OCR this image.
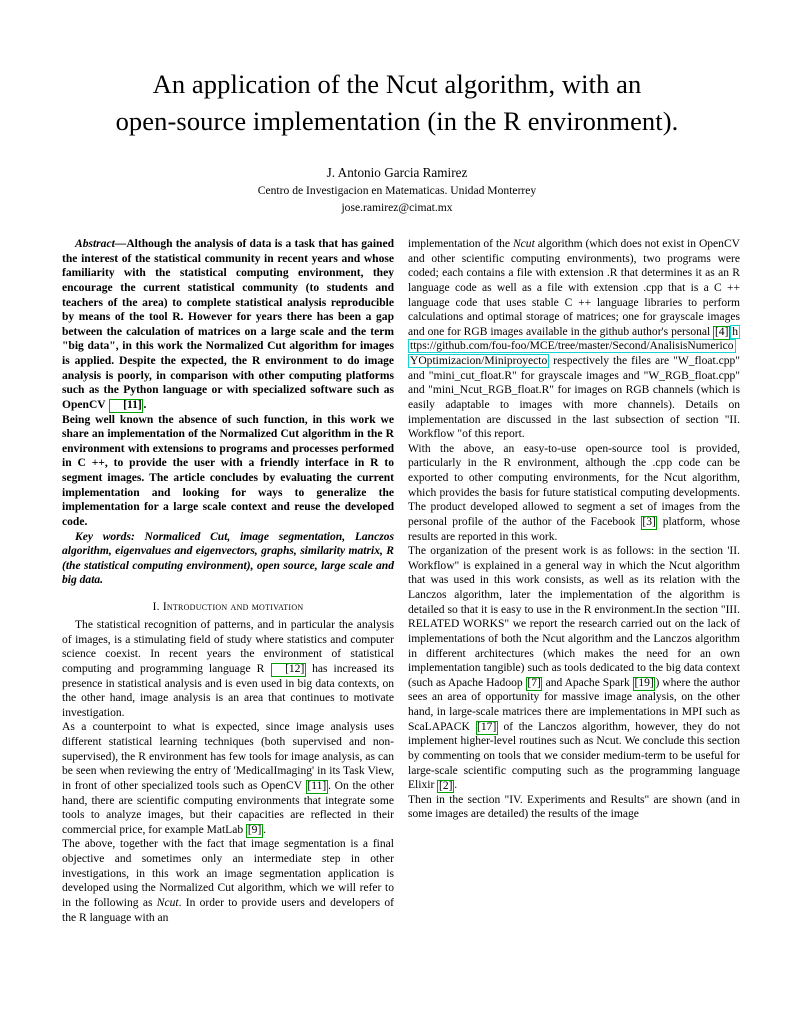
An application of the Ncut algorithm, with an
open-source implementation (in the R environment).
J. Antonio Garcia Ramirez
Centro de Investigacion en Matematicas. Unidad Monterrey
jose.ramirez@cimat.mx

Abstract—Although the analysis of data is a task that has gained the interest of the statistical community in recent years and whose familiarity with the statistical computing environment, they encourage the current statistical community (to students and teachers of the area) to complete statistical analysis reproducible by means of the tool R. However for years there has been a gap between the calculation of matrices on a large scale and the term "big data", in this work the Normalized Cut algorithm for images is applied. Despite the expected, the R environment to do image analysis is poorly, in comparison with other computing platforms such as the Python language or with specialized software such as OpenCV [11] .

Being well known the absence of such function, in this work we share an implementation of the Normalized Cut algorithm in the R environment with extensions to programs and processes performed in C ++, to provide the user with a friendly interface in R to segment images. The article concludes by evaluating the current implementation and looking for ways to generalize the implementation for a large scale context and reuse the developed code.

Key words: Normaliced Cut, image segmentation, Lanczos algorithm, eigenvalues and eigenvectors, graphs, similarity matrix, R (the statistical computing environment), open source, large scale and big data.

I. Introduction and motivation

The statistical recognition of patterns, and in particular the analysis of images, is a stimulating field of study where statistics and computer science coexist. In recent years the environment of statistical computing and programming language R [12] has increased its presence in statistical analysis and is even used in big data contexts, on the other hand, image analysis is an area that continues to motivate investigation.

As a counterpoint to what is expected, since image analysis uses different statistical learning techniques (both supervised and non-supervised), the R environment has few tools for image analysis, as can be seen when reviewing the entry of 'MedicalImaging' in its Task View, in front of other specialized tools such as OpenCV [11] . On the other hand, there are scientific computing environments that integrate some tools to analyze images, but their capacities are reflected in their commercial price, for example MatLab [9] .

The above, together with the fact that image segmentation is a final objective and sometimes only an intermediate step in other investigations, in this work an image segmentation application is developed using the Normalized Cut algorithm, which we will refer to in the following as Ncut. In order to provide users and developers of the R language with an

implementation of the Ncut algorithm (which does not exist in OpenCV and other scientific computing environments), two programs were coded; each contains a file with extension .R that determines it as an R language code as well as a file with extension .cpp that is a C ++ language code that uses stable C ++ language libraries to perform calculations and optimal storage of matrices; one for grayscale images and one for RGB images available in the github author's personal [4] https://github.com/fou-foo/MCE/tree/master/Second/AnalisisNumericoYOptimizacion/Miniproyecto respectively the files are "W_float.cpp" and "mini_cut_float.R" for grayscale images and "W_RGB_float.cpp" and "mini_Ncut_RGB_float.R" for images on RGB channels (which is easily adaptable to images with more channels). Details on implementation are discussed in the last subsection of section "II. Workflow "of this report.

With the above, an easy-to-use open-source tool is provided, particularly in the R environment, although the .cpp code can be exported to other computing environments, for the Ncut algorithm, which provides the basis for future statistical computing developments. The product developed allowed to segment a set of images from the personal profile of the author of the Facebook [3] platform, whose results are reported in this work.

The organization of the present work is as follows: in the section 'II. Workflow" is explained in a general way in which the Ncut algorithm that was used in this work consists, as well as its relation with the Lanczos algorithm, later the implementation of the algorithm is detailed so that it is easy to use in the R environment.In the section "III. RELATED WORKS" we report the research carried out on the lack of implementations of both the Ncut algorithm and the Lanczos algorithm in different architectures (which makes the need for an own implementation tangible) such as tools dedicated to the big data context (such as Apache Hadoop [7] and Apache Spark [19] ) where the author sees an area of opportunity for massive image analysis, on the other hand, in large-scale matrices there are implementations in MPI such as ScaLAPACK [17] of the Lanczos algorithm, however, they do not implement higher-level routines such as Ncut. We conclude this section by commenting on tools that we consider medium-term to be useful for large-scale scientific computing such as the programming language Elixir [2] .

Then in the section "IV. Experiments and Results" are shown (and in some images are detailed) the results of the image
